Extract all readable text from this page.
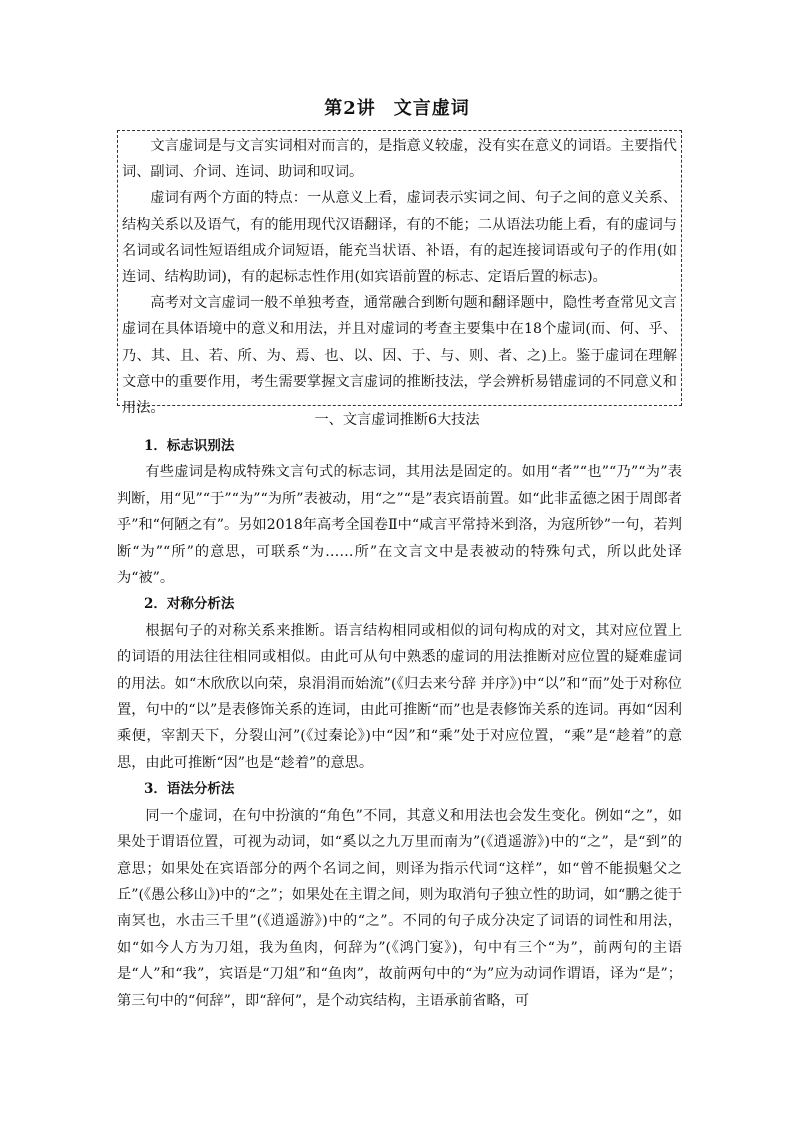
第2讲 文言虚词

文言虚词是与文言实词相对而言的，是指意义较虚，没有实在意义的词语。主要指代词、副词、介词、连词、助词和叹词。

虚词有两个方面的特点：一从意义上看，虚词表示实词之间、句子之间的意义关系、结构关系以及语气，有的能用现代汉语翻译，有的不能；二从语法功能上看，有的虚词与名词或名词性短语组成介词短语，能充当状语、补语，有的起连接词语或句子的作用(如连词、结构助词)，有的起标志性作用(如宾语前置的标志、定语后置的标志)。

高考对文言虚词一般不单独考查，通常融合到断句题和翻译题中，隐性考查常见文言虚词在具体语境中的意义和用法，并且对虚词的考查主要集中在18个虚词(而、何、乎、乃、其、且、若、所、为、焉、也、以、因、于、与、则、者、之)上。鉴于虚词在理解文意中的重要作用，考生需要掌握文言虚词的推断技法，学会辨析易错虚词的不同意义和用法。

一、文言虚词推断6大技法

1．标志识别法

有些虚词是构成特殊文言句式的标志词，其用法是固定的。如用“者”“也”“乃”“为”表判断，用“见”“于”“为”“为所”表被动，用“之”“是”表宾语前置。如“此非孟德之困于周郎者乎”和“何陋之有”。另如2018年高考全国卷Ⅱ中“咸言平常持米到洛，为寇所钞”一句，若判断“为”“所”的意思，可联系“为……所”在文言文中是表被动的特殊句式，所以此处译为“被”。

2．对称分析法

根据句子的对称关系来推断。语言结构相同或相似的词句构成的对文，其对应位置上的词语的用法往往相同或相似。由此可从句中熟悉的虚词的用法推断对应位置的疑难虚词的用法。如“木欣欣以向荣，泉涓涓而始流”(《归去来兮辞 并序》)中“以”和“而”处于对称位置，句中的“以”是表修饰关系的连词，由此可推断“而”也是表修饰关系的连词。再如“因利乘便，宰割天下，分裂山河”(《过秦论》)中“因”和“乘”处于对应位置，“乘”是“趁着”的意思，由此可推断“因”也是“趁着”的意思。

3．语法分析法

同一个虚词，在句中扮演的“角色”不同，其意义和用法也会发生变化。例如“之”，如果处于谓语位置，可视为动词，如“奚以之九万里而南为”(《逍遥游》)中的“之”，是“到”的意思；如果处在宾语部分的两个名词之间，则译为指示代词“这样”，如“曾不能损魁父之丘”(《愚公移山》)中的“之”；如果处在主谓之间，则为取消句子独立性的助词，如“鹏之徙于南冥也，水击三千里”(《逍遥游》)中的“之”。不同的句子成分决定了词语的词性和用法，如“如今人方为刀俎，我为鱼肉，何辞为”(《鸿门宴》)，句中有三个“为”，前两句的主语是“人”和“我”，宾语是“刀俎”和“鱼肉”，故前两句中的“为”应为动词作谓语，译为“是”；第三句中的“何辞”，即“辞何”，是个动宾结构，主语承前省略，可
